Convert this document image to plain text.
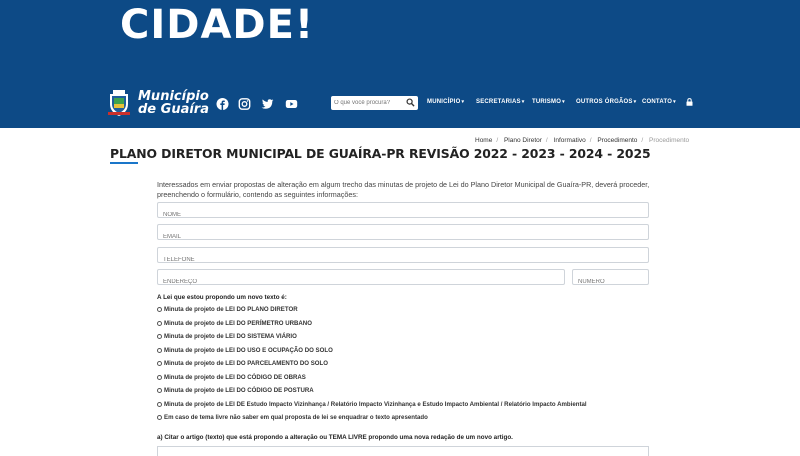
CIDADE!
Município
de Guaíra
O que você procura?	MUNICÍPIO▾ SECRETARIAS▾ TURISMO▾ OUTROS ÓRGÃOS▾ CONTATO▾
Home / Plano Diretor / Informativo / Procedimento / Procedimento
PLANO DIRETOR MUNICIPAL DE GUAÍRA-PR REVISÃO 2022 - 2023 - 2024 - 2025
Interessados em enviar propostas de alteração em algum trecho das minutas de projeto de Lei do Plano Diretor Municipal de Guaíra-PR, deverá proceder, preenchendo o formulário, contendo as seguintes informações:
NOME
EMAIL
TELEFONE
ENDEREÇO
NÚMERO
A Lei que estou propondo um novo texto é:
Minuta de projeto de LEI DO PLANO DIRETOR
Minuta de projeto de LEI DO PERÍMETRO URBANO
Minuta de projeto de LEI DO SISTEMA VIÁRIO
Minuta de projeto de LEI DO USO E OCUPAÇÃO DO SOLO
Minuta de projeto de LEI DO PARCELAMENTO DO SOLO
Minuta de projeto de LEI DO CÓDIGO DE OBRAS
Minuta de projeto de LEI DO CÓDIGO DE POSTURA
Minuta de projeto de LEI DE Estudo Impacto Vizinhança / Relatório Impacto Vizinhança e Estudo Impacto Ambiental / Relatório Impacto Ambiental
Em caso de tema livre não saber em qual proposta de lei se enquadrar o texto apresentado
a) Citar o artigo (texto) que está propondo a alteração ou TEMA LIVRE propondo uma nova redação de um novo artigo.
